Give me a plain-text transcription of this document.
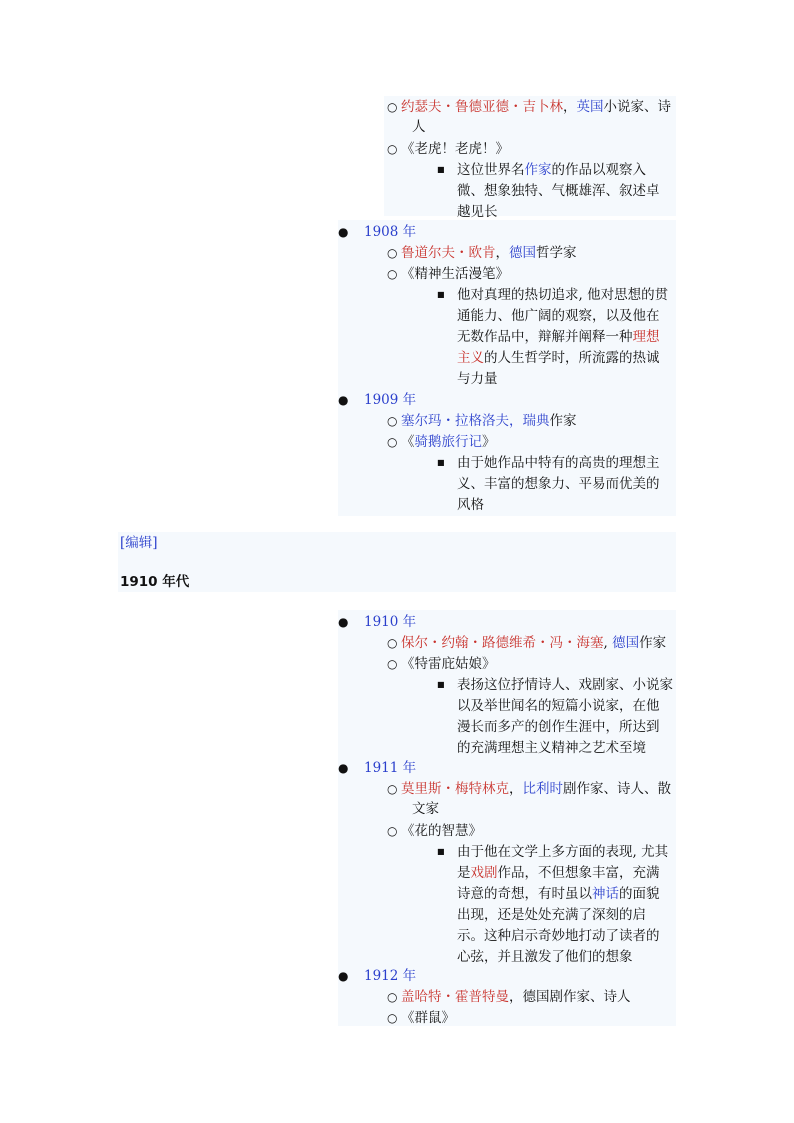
○ 约瑟夫・鲁德亚德・吉卜林，英国小说家、诗
人
○ 《老虎！老虎！》
■ 这位世界名作家的作品以观察入
微、想象独特、气概雄浑、叙述卓
越见长
● 1908 年
○ 鲁道尔夫・欧肯，德国哲学家
○ 《精神生活漫笔》
■ 他对真理的热切追求, 他对思想的贯
通能力、他广阔的观察，以及他在
无数作品中，辩解并阐释一种理想
主义的人生哲学时，所流露的热诚
与力量
● 1909 年
○ 塞尔玛・拉格洛夫，瑞典作家
○ 《骑鹅旅行记》
■ 由于她作品中特有的高贵的理想主
义、丰富的想象力、平易而优美的
风格
[编辑]
1910 年代
● 1910 年
○ 保尔・约翰・路德维希・冯・海塞, 德国作家
○ 《特雷庇姑娘》
■ 表扬这位抒情诗人、戏剧家、小说家
以及举世闻名的短篇小说家，在他
漫长而多产的创作生涯中，所达到
的充满理想主义精神之艺术至境
● 1911 年
○ 莫里斯・梅特林克，比利时剧作家、诗人、散
文家
○ 《花的智慧》
■ 由于他在文学上多方面的表现, 尤其
是戏剧作品，不但想象丰富，充满
诗意的奇想，有时虽以神话的面貌
出现，还是处处充满了深刻的启
示。这种启示奇妙地打动了读者的
心弦，并且激发了他们的想象
● 1912 年
○ 盖哈特・霍普特曼，德国剧作家、诗人
○ 《群鼠》
